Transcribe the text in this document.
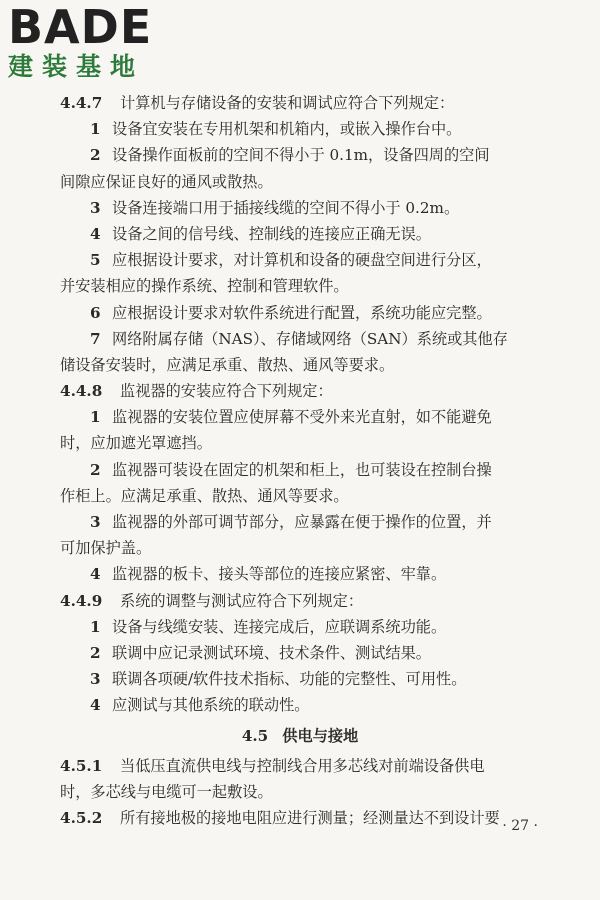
BADE
建装基地
4.4.7 计算机与存储设备的安装和调试应符合下列规定：
1 设备宜安装在专用机架和机箱内，或嵌入操作台中。
2 设备操作面板前的空间不得小于 0.1m，设备四周的空间
间隙应保证良好的通风或散热。
3 设备连接端口用于插接线缆的空间不得小于 0.2m。
4 设备之间的信号线、控制线的连接应正确无误。
5 应根据设计要求，对计算机和设备的硬盘空间进行分区，
并安装相应的操作系统、控制和管理软件。
6 应根据设计要求对软件系统进行配置，系统功能应完整。
7 网络附属存储（NAS）、存储域网络（SAN）系统或其他存
储设备安装时，应满足承重、散热、通风等要求。
4.4.8 监视器的安装应符合下列规定：
1 监视器的安装位置应使屏幕不受外来光直射，如不能避免
时，应加遮光罩遮挡。
2 监视器可装设在固定的机架和柜上，也可装设在控制台操
作柜上。应满足承重、散热、通风等要求。
3 监视器的外部可调节部分，应暴露在便于操作的位置，并
可加保护盖。
4 监视器的板卡、接头等部位的连接应紧密、牢靠。
4.4.9 系统的调整与测试应符合下列规定：
1 设备与线缆安装、连接完成后，应联调系统功能。
2 联调中应记录测试环境、技术条件、测试结果。
3 联调各项硬/软件技术指标、功能的完整性、可用性。
4 应测试与其他系统的联动性。
4.5 供电与接地
4.5.1 当低压直流供电线与控制线合用多芯线对前端设备供电
时，多芯线与电缆可一起敷设。
4.5.2 所有接地极的接地电阻应进行测量；经测量达不到设计要 · 27 ·
